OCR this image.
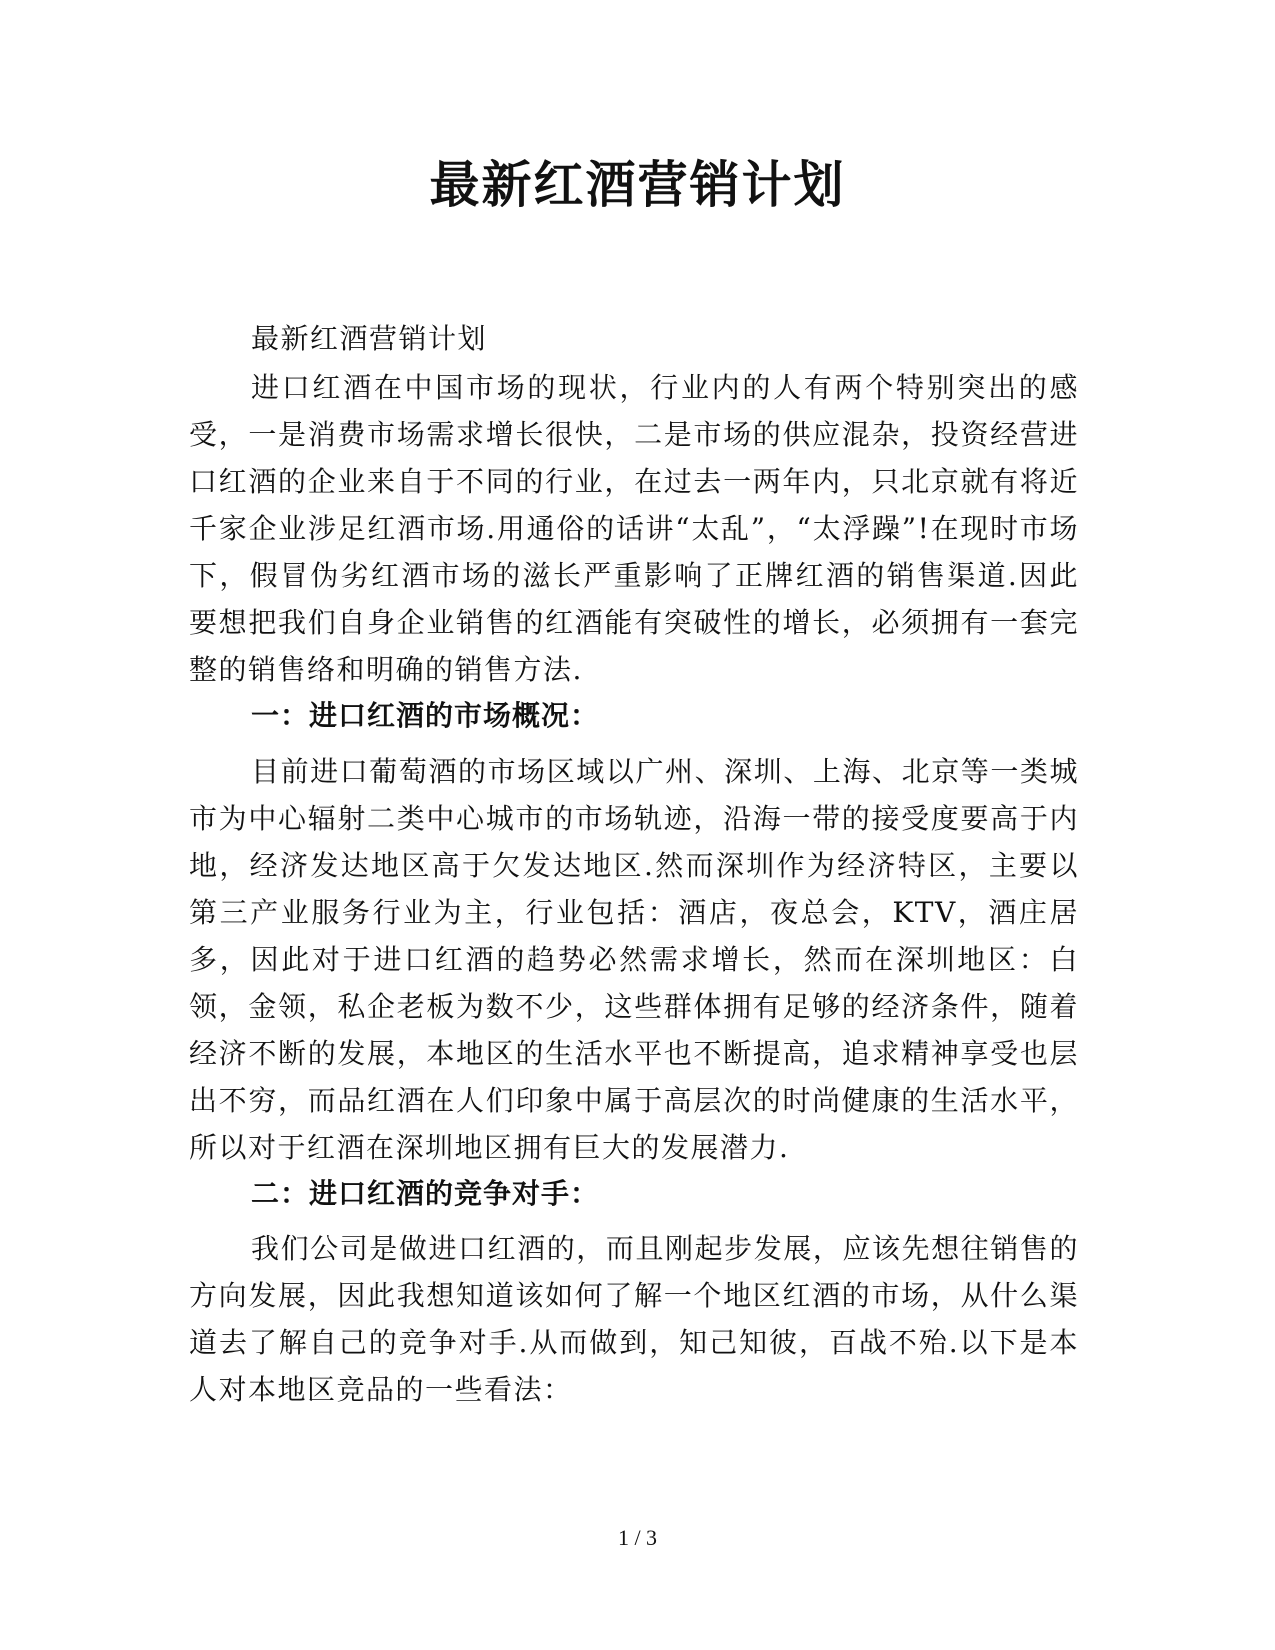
最新红酒营销计划

最新红酒营销计划

进口红酒在中国市场的现状，行业内的人有两个特别突出的感受，一是消费市场需求增长很快，二是市场的供应混杂，投资经营进口红酒的企业来自于不同的行业，在过去一两年内，只北京就有将近千家企业涉足红酒市场.用通俗的话讲“太乱”，“太浮躁”!在现时市场下，假冒伪劣红酒市场的滋长严重影响了正牌红酒的销售渠道.因此要想把我们自身企业销售的红酒能有突破性的增长，必须拥有一套完整的销售络和明确的销售方法.

一：进口红酒的市场概况：

目前进口葡萄酒的市场区域以广州、深圳、上海、北京等一类城市为中心辐射二类中心城市的市场轨迹，沿海一带的接受度要高于内地，经济发达地区高于欠发达地区.然而深圳作为经济特区，主要以第三产业服务行业为主，行业包括：酒店，夜总会，KTV，酒庄居多，因此对于进口红酒的趋势必然需求增长，然而在深圳地区：白领，金领，私企老板为数不少，这些群体拥有足够的经济条件，随着经济不断的发展，本地区的生活水平也不断提高，追求精神享受也层出不穷，而品红酒在人们印象中属于高层次的时尚健康的生活水平，所以对于红酒在深圳地区拥有巨大的发展潜力.

二：进口红酒的竞争对手：

我们公司是做进口红酒的，而且刚起步发展，应该先想往销售的方向发展，因此我想知道该如何了解一个地区红酒的市场，从什么渠道去了解自己的竞争对手.从而做到，知己知彼，百战不殆.以下是本人对本地区竞品的一些看法：

1 / 3
